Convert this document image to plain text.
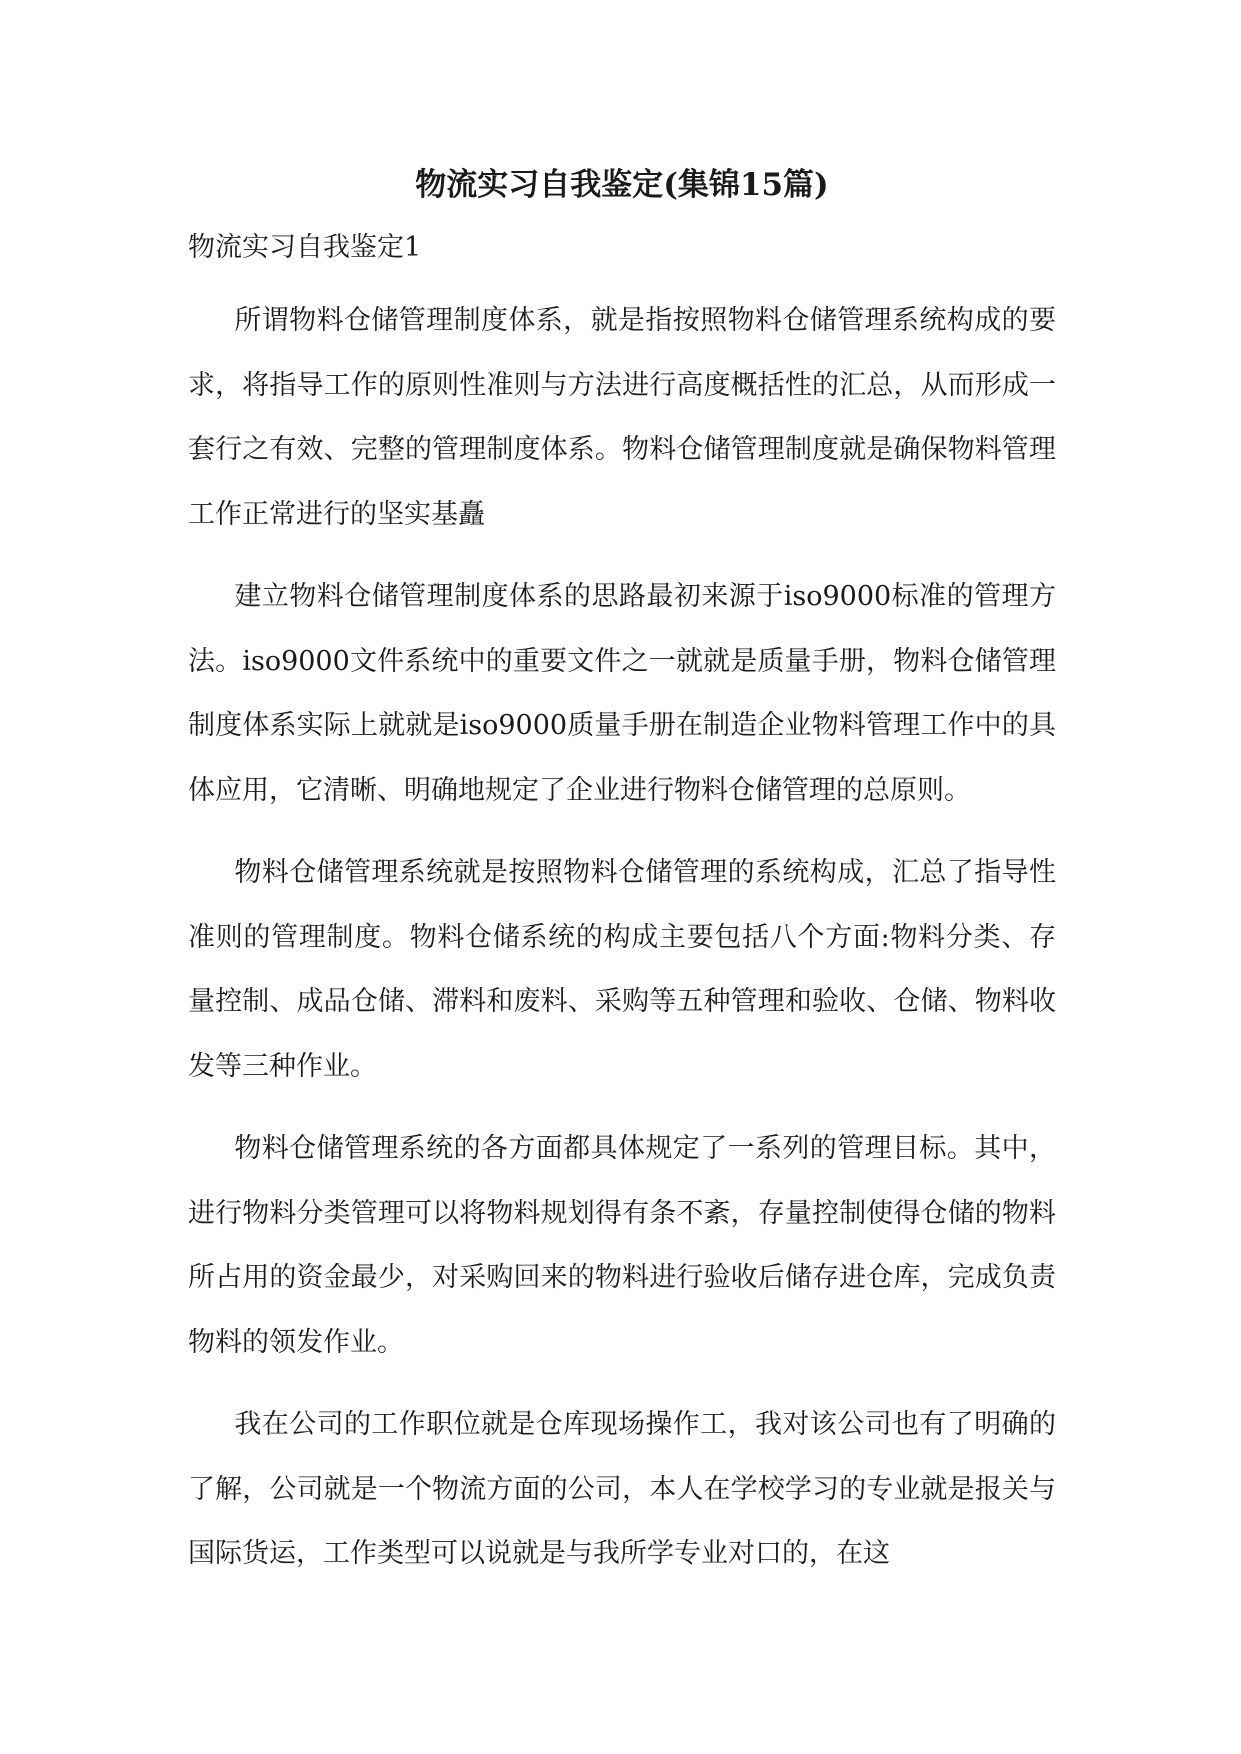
物流实习自我鉴定(集锦15篇)
物流实习自我鉴定1

所谓物料仓储管理制度体系，就是指按照物料仓储管理系统构成的要求，将指导工作的原则性准则与方法进行高度概括性的汇总，从而形成一套行之有效、完整的管理制度体系。物料仓储管理制度就是确保物料管理工作正常进行的坚实基矗

建立物料仓储管理制度体系的思路最初来源于iso9000标准的管理方法。iso9000文件系统中的重要文件之一就就是质量手册，物料仓储管理制度体系实际上就就是iso9000质量手册在制造企业物料管理工作中的具体应用，它清晰、明确地规定了企业进行物料仓储管理的总原则。

物料仓储管理系统就是按照物料仓储管理的系统构成，汇总了指导性准则的管理制度。物料仓储系统的构成主要包括八个方面:物料分类、存量控制、成品仓储、滞料和废料、采购等五种管理和验收、仓储、物料收发等三种作业。

物料仓储管理系统的各方面都具体规定了一系列的管理目标。其中，进行物料分类管理可以将物料规划得有条不紊，存量控制使得仓储的物料所占用的资金最少，对采购回来的物料进行验收后储存进仓库，完成负责物料的领发作业。

我在公司的工作职位就是仓库现场操作工，我对该公司也有了明确的了解，公司就是一个物流方面的公司，本人在学校学习的专业就是报关与国际货运，工作类型可以说就是与我所学专业对口的，在这
